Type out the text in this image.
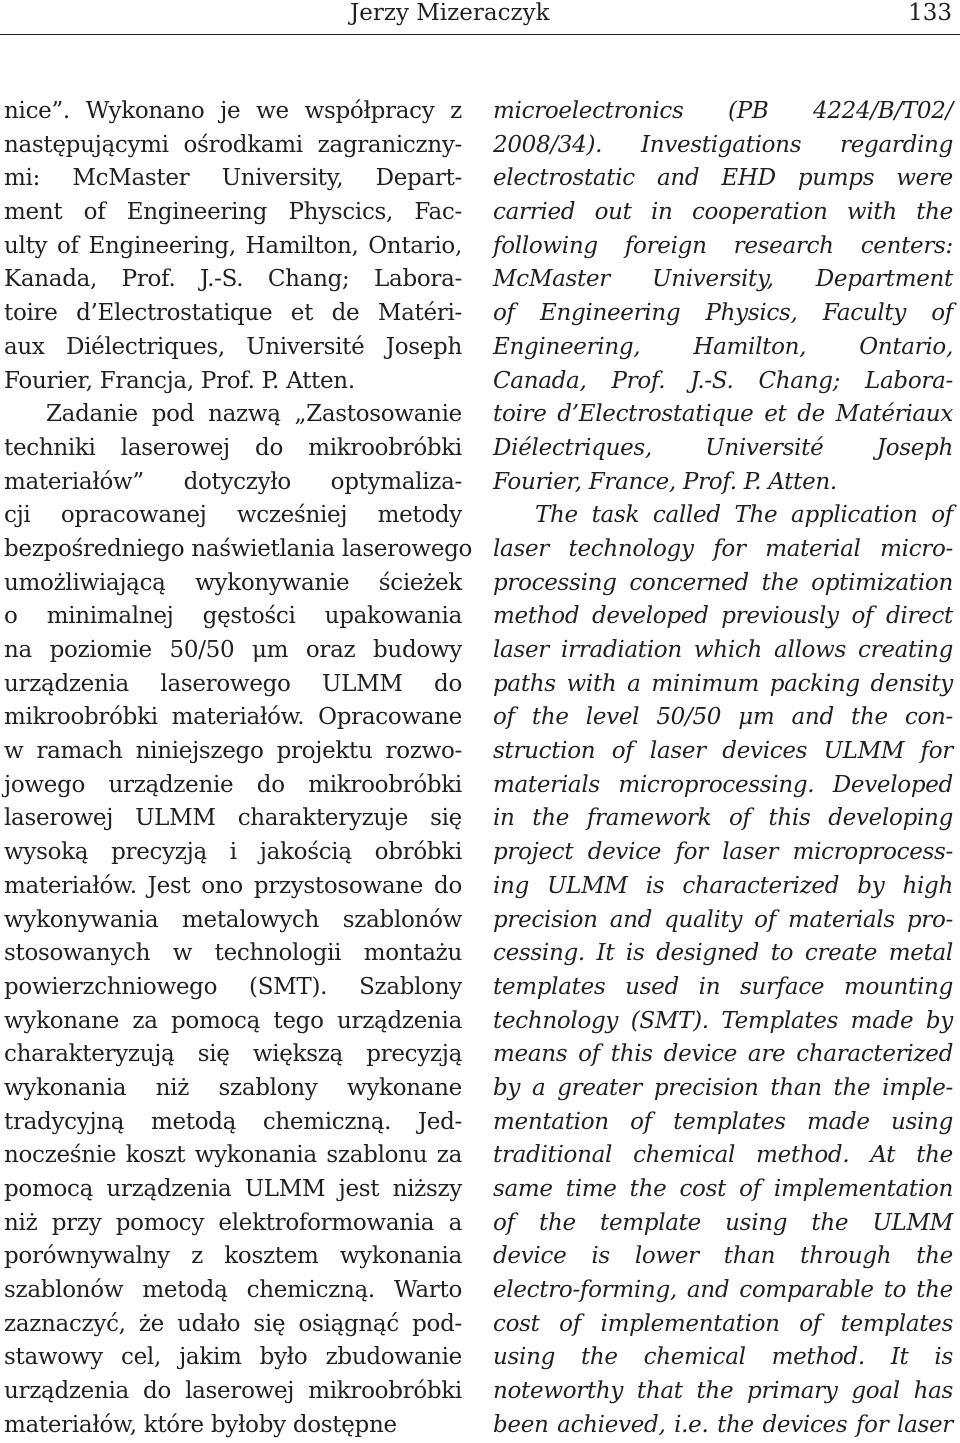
Jerzy Mizeraczyk	133
nice”. Wykonano je we współpracy z
następującymi ośrodkami zagraniczny-
mi: McMaster University, Depart-
ment of Engineering Physcics, Fac-
ulty of Engineering, Hamilton, Ontario,
Kanada, Prof. J.-S. Chang; Labora-
toire d’Electrostatique et de Matéri-
aux Diélectriques, Université Joseph
Fourier, Francja, Prof. P. Atten.
Zadanie pod nazwą „Zastosowanie
techniki laserowej do mikroobróbki
materiałów” dotyczyło optymaliza-
cji opracowanej wcześniej metody
bezpośredniego naświetlania laserowego
umożliwiającą wykonywanie ścieżek
o minimalnej gęstości upakowania
na poziomie 50/50 μm oraz budowy
urządzenia laserowego ULMM do
mikroobróbki materiałów. Opracowane
w ramach niniejszego projektu rozwo-
jowego urządzenie do mikroobróbki
laserowej ULMM charakteryzuje się
wysoką precyzją i jakością obróbki
materiałów. Jest ono przystosowane do
wykonywania metalowych szablonów
stosowanych w technologii montażu
powierzchniowego (SMT). Szablony
wykonane za pomocą tego urządzenia
charakteryzują się większą precyzją
wykonania niż szablony wykonane
tradycyjną metodą chemiczną. Jed-
nocześnie koszt wykonania szablonu za
pomocą urządzenia ULMM jest niższy
niż przy pomocy elektroformowania a
porównywalny z kosztem wykonania
szablonów metodą chemiczną. Warto
zaznaczyć, że udało się osiągnąć pod-
stawowy cel, jakim było zbudowanie
urządzenia do laserowej mikroobróbki
materiałów, które byłoby dostępne
microelectronics (PB 4224/B/T02/
2008/34). Investigations regarding
electrostatic and EHD pumps were
carried out in cooperation with the
following foreign research centers:
McMaster University, Department
of Engineering Physics, Faculty of
Engineering, Hamilton, Ontario,
Canada, Prof. J.-S. Chang; Labora-
toire d’Electrostatique et de Matériaux
Diélectriques, Université Joseph
Fourier, France, Prof. P. Atten.
The task called The application of
laser technology for material micro-
processing concerned the optimization
method developed previously of direct
laser irradiation which allows creating
paths with a minimum packing density
of the level 50/50 μm and the con-
struction of laser devices ULMM for
materials microprocessing. Developed
in the framework of this developing
project device for laser microprocess-
ing ULMM is characterized by high
precision and quality of materials pro-
cessing. It is designed to create metal
templates used in surface mounting
technology (SMT). Templates made by
means of this device are characterized
by a greater precision than the imple-
mentation of templates made using
traditional chemical method. At the
same time the cost of implementation
of the template using the ULMM
device is lower than through the
electro-forming, and comparable to the
cost of implementation of templates
using the chemical method. It is
noteworthy that the primary goal has
been achieved, i.e. the devices for laser
